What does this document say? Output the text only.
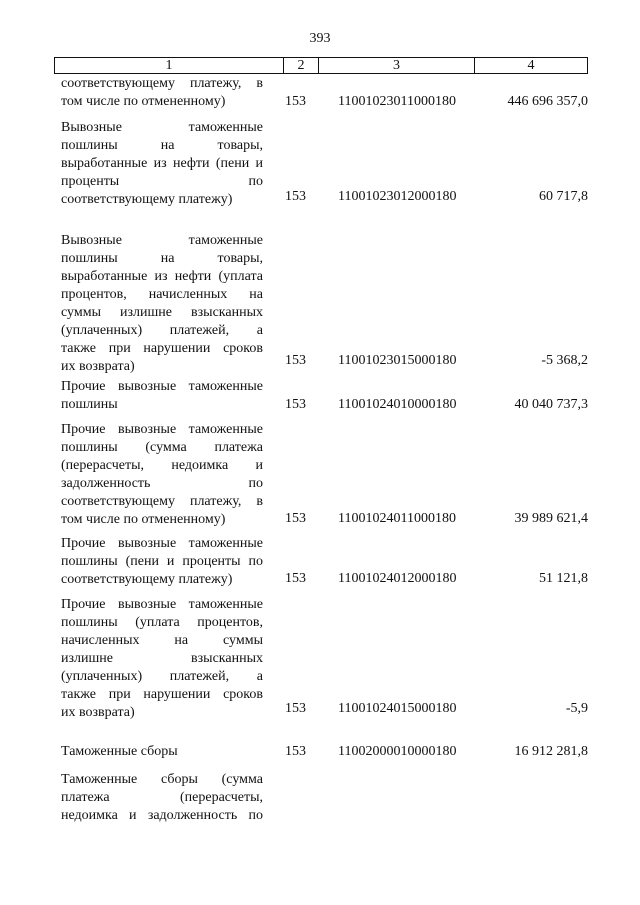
393
1	2	3	4
соответствующему платежу, в
том числе по отмененному)	153	11001023011000180	446 696 357,0
Вывозные таможенные
пошлины на товары,
выработанные из нефти (пени и
проценты по
соответствующему платежу)	153	11001023012000180	60 717,8
Вывозные таможенные
пошлины на товары,
выработанные из нефти (уплата
процентов, начисленных на
суммы излишне взысканных
(уплаченных) платежей, а
также при нарушении сроков
их возврата)	153	11001023015000180	-5 368,2
Прочие вывозные таможенные
пошлины	153	11001024010000180	40 040 737,3
Прочие вывозные таможенные
пошлины (сумма платежа
(перерасчеты, недоимка и
задолженность по
соответствующему платежу, в
том числе по отмененному)	153	11001024011000180	39 989 621,4
Прочие вывозные таможенные
пошлины (пени и проценты по
соответствующему платежу)	153	11001024012000180	51 121,8
Прочие вывозные таможенные
пошлины (уплата процентов,
начисленных на суммы
излишне взысканных
(уплаченных) платежей, а
также при нарушении сроков
их возврата)	153	11001024015000180	-5,9
Таможенные сборы	153	11002000010000180	16 912 281,8
Таможенные сборы (сумма
платежа (перерасчеты,
недоимка и задолженность по
